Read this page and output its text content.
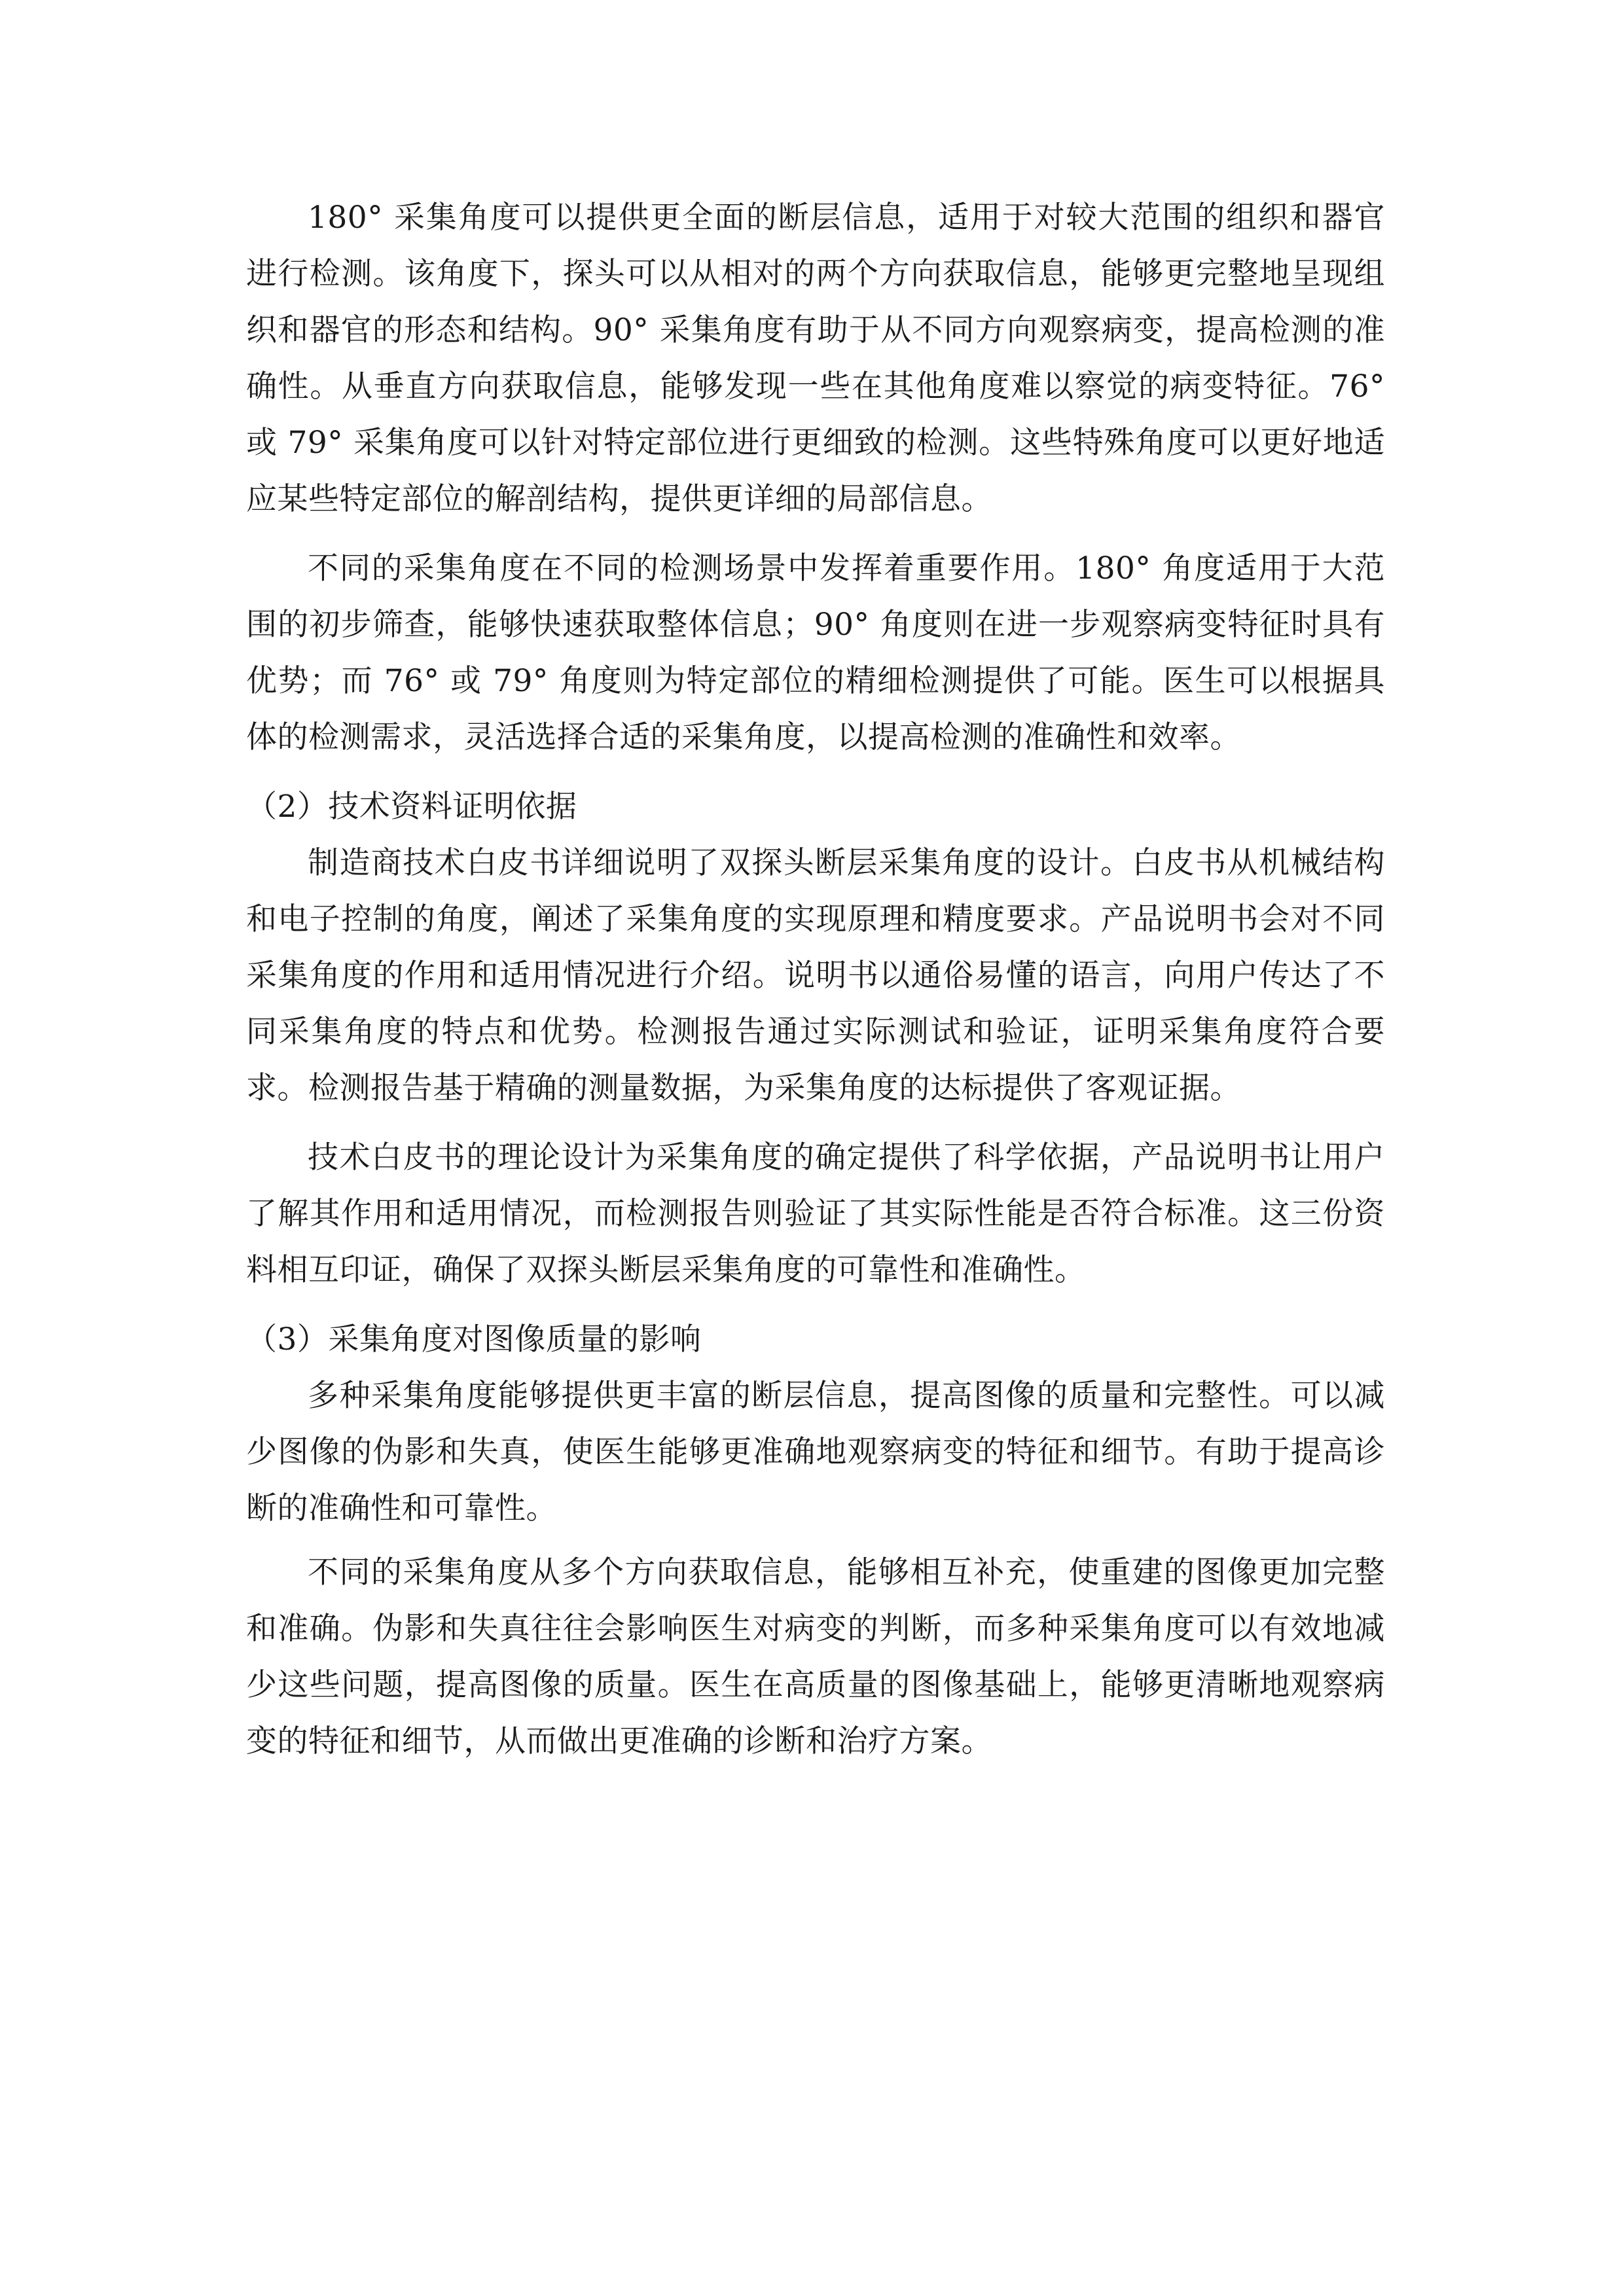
180° 采集角度可以提供更全面的断层信息，适用于对较大范围的组织和器官进行检测。该角度下，探头可以从相对的两个方向获取信息，能够更完整地呈现组织和器官的形态和结构。90° 采集角度有助于从不同方向观察病变，提高检测的准确性。从垂直方向获取信息，能够发现一些在其他角度难以察觉的病变特征。76° 或 79° 采集角度可以针对特定部位进行更细致的检测。这些特殊角度可以更好地适应某些特定部位的解剖结构，提供更详细的局部信息。

不同的采集角度在不同的检测场景中发挥着重要作用。180° 角度适用于大范围的初步筛查，能够快速获取整体信息；90° 角度则在进一步观察病变特征时具有优势；而 76° 或 79° 角度则为特定部位的精细检测提供了可能。医生可以根据具体的检测需求，灵活选择合适的采集角度，以提高检测的准确性和效率。

（2）技术资料证明依据

制造商技术白皮书详细说明了双探头断层采集角度的设计。白皮书从机械结构和电子控制的角度，阐述了采集角度的实现原理和精度要求。产品说明书会对不同采集角度的作用和适用情况进行介绍。说明书以通俗易懂的语言，向用户传达了不同采集角度的特点和优势。检测报告通过实际测试和验证，证明采集角度符合要求。检测报告基于精确的测量数据，为采集角度的达标提供了客观证据。

技术白皮书的理论设计为采集角度的确定提供了科学依据，产品说明书让用户了解其作用和适用情况，而检测报告则验证了其实际性能是否符合标准。这三份资料相互印证，确保了双探头断层采集角度的可靠性和准确性。

（3）采集角度对图像质量的影响

多种采集角度能够提供更丰富的断层信息，提高图像的质量和完整性。可以减少图像的伪影和失真，使医生能够更准确地观察病变的特征和细节。有助于提高诊断的准确性和可靠性。

不同的采集角度从多个方向获取信息，能够相互补充，使重建的图像更加完整和准确。伪影和失真往往会影响医生对病变的判断，而多种采集角度可以有效地减少这些问题，提高图像的质量。医生在高质量的图像基础上，能够更清晰地观察病变的特征和细节，从而做出更准确的诊断和治疗方案。
